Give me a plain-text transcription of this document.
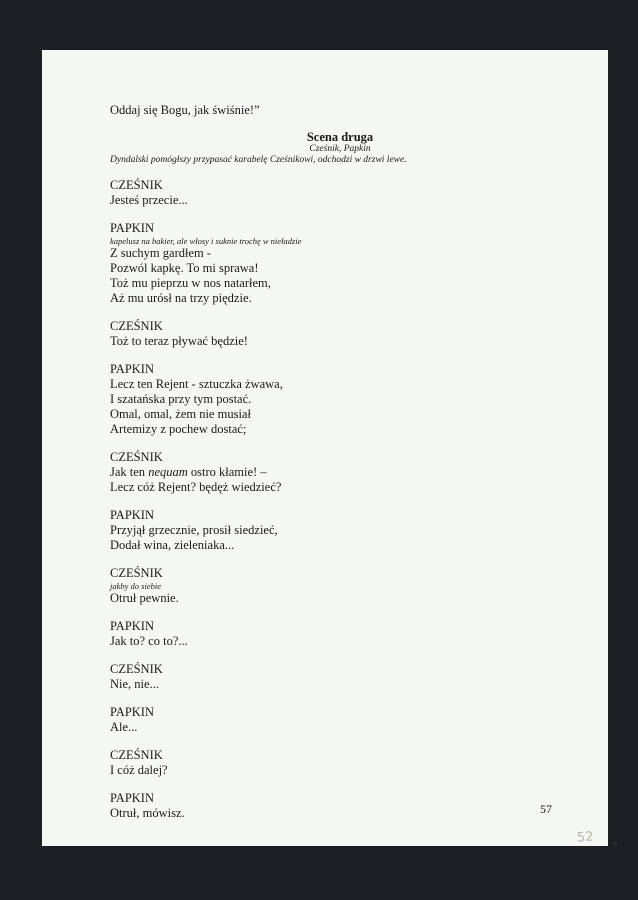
Oddaj się Bogu, jak świśnie!”
Scena druga
Cześnik, Papkin
Dyndalski pomógłszy przypasać karabelę Cześnikowi, odchodzi w drzwi lewe.
CZEŚNIK
Jesteś przecie...
PAPKIN
kapelusz na bakier, ale włosy i suknie trochę w nieładzie
Z suchym gardłem -
Pozwól kapkę. To mi sprawa!
Toż mu pieprzu w nos natarłem,
Aż mu urósł na trzy piędzie.
CZEŚNIK
Toż to teraz pływać będzie!
PAPKIN
Lecz ten Rejent - sztuczka żwawa,
I szatańska przy tym postać.
Omal, omal, żem nie musiał
Artemizy z pochew dostać;
CZEŚNIK
Jak ten nequam ostro kłamie! –
Lecz cóż Rejent? będęż wiedzieć?
PAPKIN
Przyjął grzecznie, prosił siedzieć,
Dodał wina, zieleniaka...
CZEŚNIK
jakby do siebie
Otruł pewnie.
PAPKIN
Jak to? co to?...
CZEŚNIK
Nie, nie...
PAPKIN
Ale...
CZEŚNIK
I cóż dalej?
PAPKIN
Otruł, mówisz.	57
52
